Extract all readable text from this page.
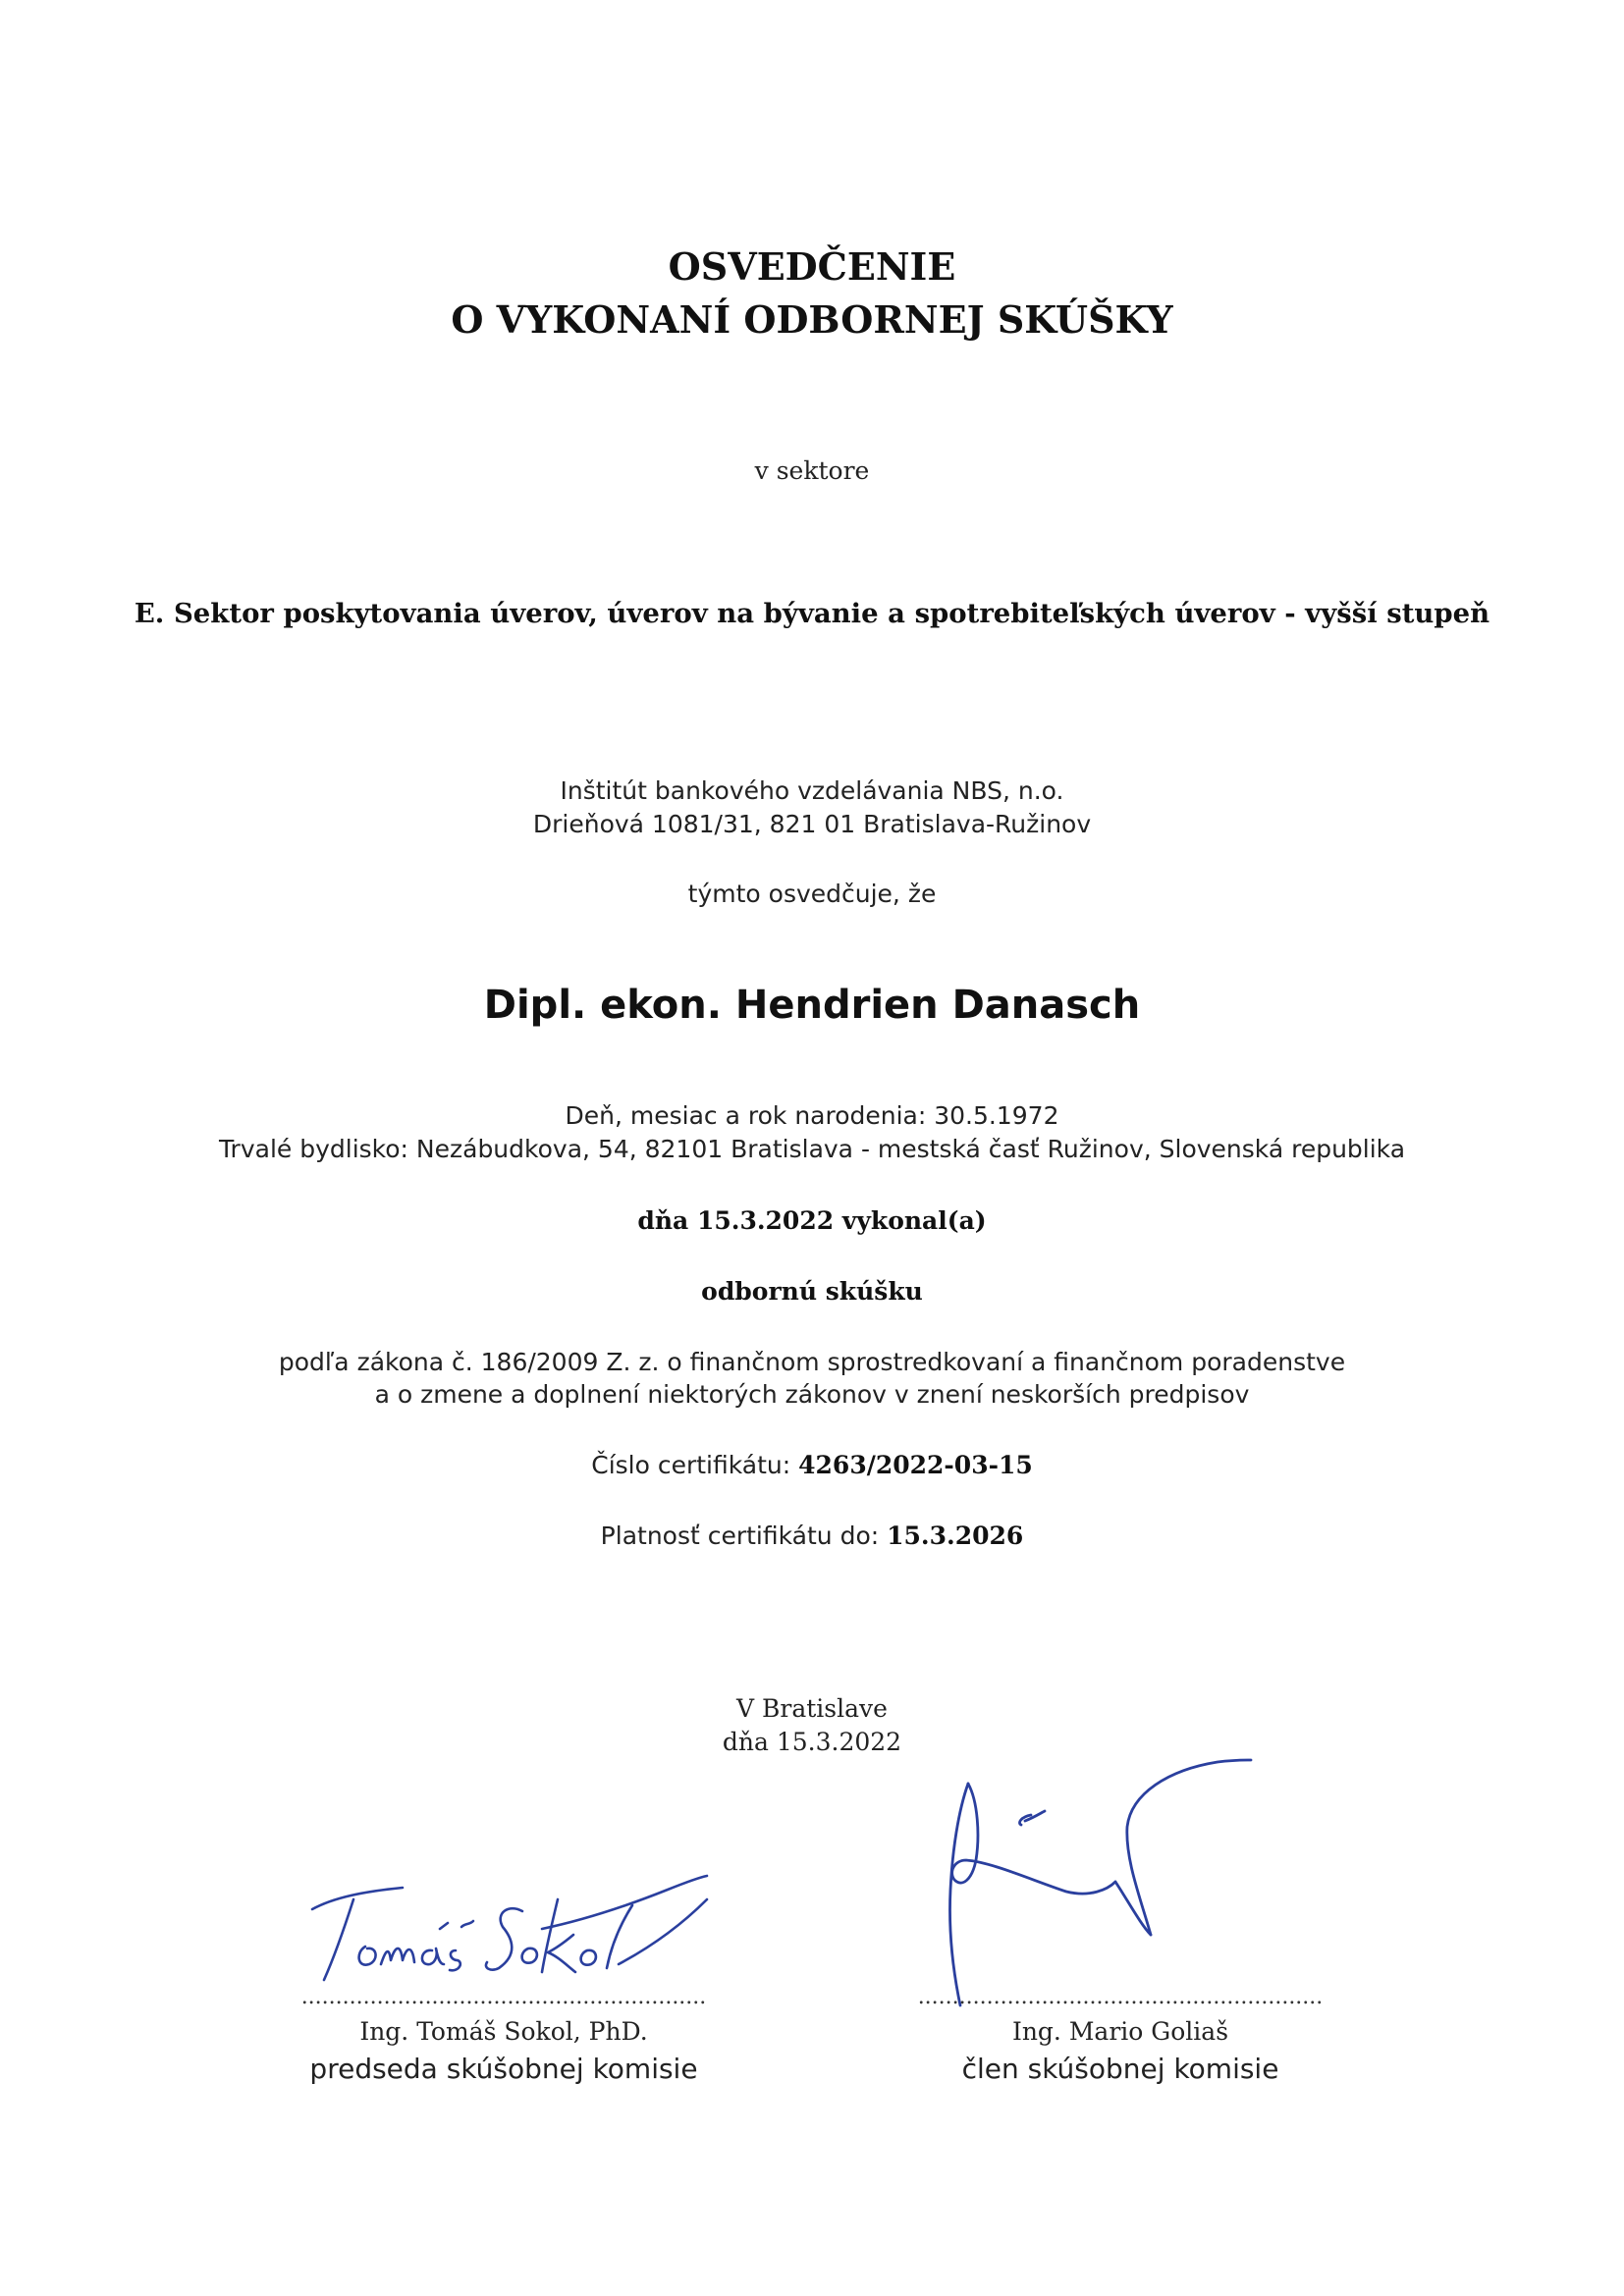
OSVEDČENIE
O VYKONANÍ ODBORNEJ SKÚŠKY
v sektore
E. Sektor poskytovania úverov, úverov na bývanie a spotrebiteľských úverov - vyšší stupeň
Inštitút bankového vzdelávania NBS, n.o.
Drieňová 1081/31, 821 01 Bratislava-Ružinov
týmto osvedčuje, že
Dipl. ekon. Hendrien Danasch
Deň, mesiac a rok narodenia: 30.5.1972
Trvalé bydlisko: Nezábudkova, 54, 82101 Bratislava - mestská časť Ružinov, Slovenská republika
dňa 15.3.2022 vykonal(a)
odbornú skúšku
podľa zákona č. 186/2009 Z. z. o finančnom sprostredkovaní a finančnom poradenstve
a o zmene a doplnení niektorých zákonov v znení neskorších predpisov
Číslo certifikátu: 4263/2022-03-15
Platnosť certifikátu do: 15.3.2026
V Bratislave
dňa 15.3.2022
...........................................................
Ing. Tomáš Sokol, PhD.
predseda skúšobnej komisie
...........................................................
Ing. Mario Goliaš
člen skúšobnej komisie
